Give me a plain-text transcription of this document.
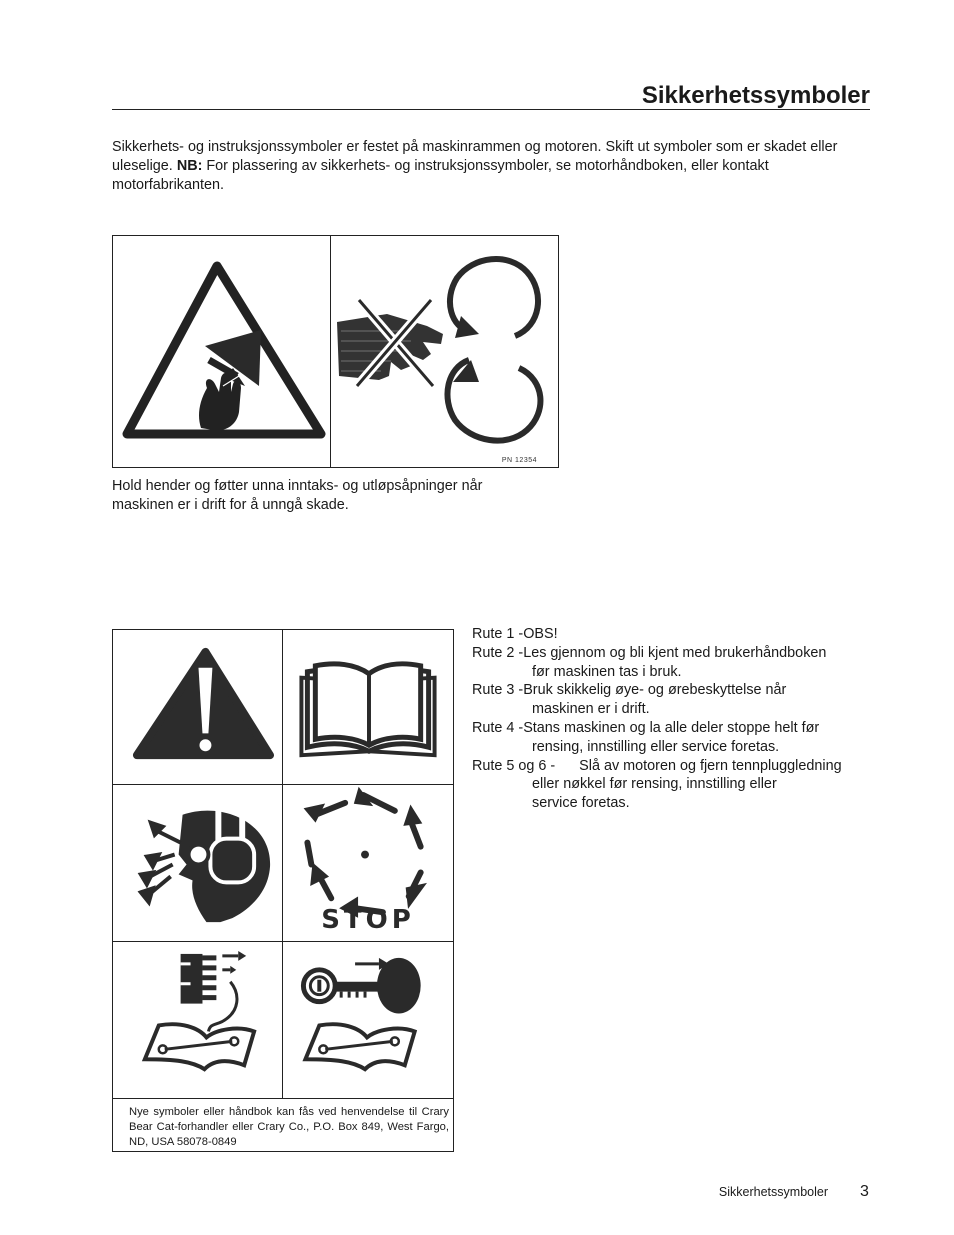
Sikkerhetssymboler
Sikkerhets- og instruksjonssymboler er festet på maskinrammen og motoren. Skift ut symboler som er skadet eller uleselige. NB: For plassering av sikkerhets- og instruksjonssymboler, se motorhåndboken, eller kontakt motorfabrikanten.
PN 12354
Hold hender og føtter unna inntaks- og utløpsåpninger når
maskinen er i drift for å unngå skade.
STOP
Nye symboler eller håndbok kan fås ved henvendelse til Crary Bear Cat-forhandler eller Crary Co., P.O. Box 849, West Fargo, ND, USA 58078-0849
Rute 1 -OBS!
Rute 2 -Les gjennom og bli kjent med brukerhåndboken
før maskinen tas i bruk.
Rute 3 -Bruk skikkelig øye- og ørebeskyttelse når
maskinen er i drift.
Rute 4 -Stans maskinen og la alle deler stoppe helt før
rensing, innstilling eller service foretas.
Rute 5 og 6 -      Slå av motoren og fjern tennpluggledning
eller nøkkel før rensing, innstilling eller service foretas.
Sikkerhetssymboler 3
